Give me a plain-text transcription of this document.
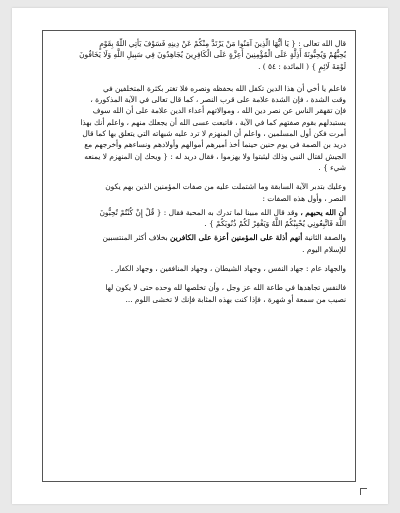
قال الله تعالى : { يَا أَيُّهَا الَّذِينَ آمَنُوا مَنْ يَرْتَدَّ مِنْكُمْ عَنْ دِينِهِ فَسَوْفَ يَأْتِي اللَّهُ بِقَوْمٍ
يُحِبُّهُمْ وَيُحِبُّونَهُ أَذِلَّةٍ عَلَى الْمُؤْمِنِينَ أَعِزَّةٍ عَلَى الْكَافِرِينَ يُجَاهِدُونَ فِي سَبِيلِ اللَّهِ وَلَا يَخَافُونَ
لَوْمَةَ لَائِمٍ } ( المائدة : ٥٤ ) .

فاعلم يا أخي أن هذا الدين تكفل الله بحفظه ونصره فلا تغتر بكثرة المتخلفين في
وقت الشدة ، فإن الشدة علامة على قرب النصر ، كما قال تعالى في الآية المذكورة ،
فإن تقهقر الناس عن نصر دين الله ، وموالاتهم أعداء الدين علامة على أن الله سوف
يستبدلهم بقوم صفتهم كما في الآية ، فاتبعت عسى الله أن يجعلك منهم ، واعلم أنك بهذا
أمرت فكن أول المسلمين ، واعلم أن المنهزم لا ترد عليه شبهاته التي يتعلق بها كما قال
دريد بن الصمة في يوم حنين حينما أخذ أميرهم أموالهم وأولادهم ونساءهم وأخرجهم مع
الجيش لقتال النبي وذلك ليثبتوا ولا يهزموا ، فقال دريد له : { ويحك إن المنهزم لا يمنعه
شيء } .

وعليك بتدبر الآية السابقة وما اشتملت عليه من صفات المؤمنين الذين بهم يكون
النصر ، وأول هذه الصفات :

أن الله يحبهم ، وقد قال الله مبينا لما تدرك به المحبة فقال : { قُلْ إِنْ كُنْتُمْ تُحِبُّونَ
اللَّهَ فَاتَّبِعُونِي يُحْبِبْكُمُ اللَّهُ وَيَغْفِرْ لَكُمْ ذُنُوبَكُمْ } .

والصفة الثانية أنهم أذلة على المؤمنين أعزة على الكافرين بخلاف أكثر المنتسبين
للإسلام اليوم .

والجهاد عام : جهاد النفس ، وجهاد الشيطان ، وجهاد المنافقين ، وجهاد الكفار .

فالنفس تجاهدها في طاعة الله عز وجل ، وأن تخلصها لله وحده حتى لا يكون لها
نصيب من سمعة أو شهرة ، فإذا كنت بهذه المثابة فإنك لا تخشى اللوم ...
